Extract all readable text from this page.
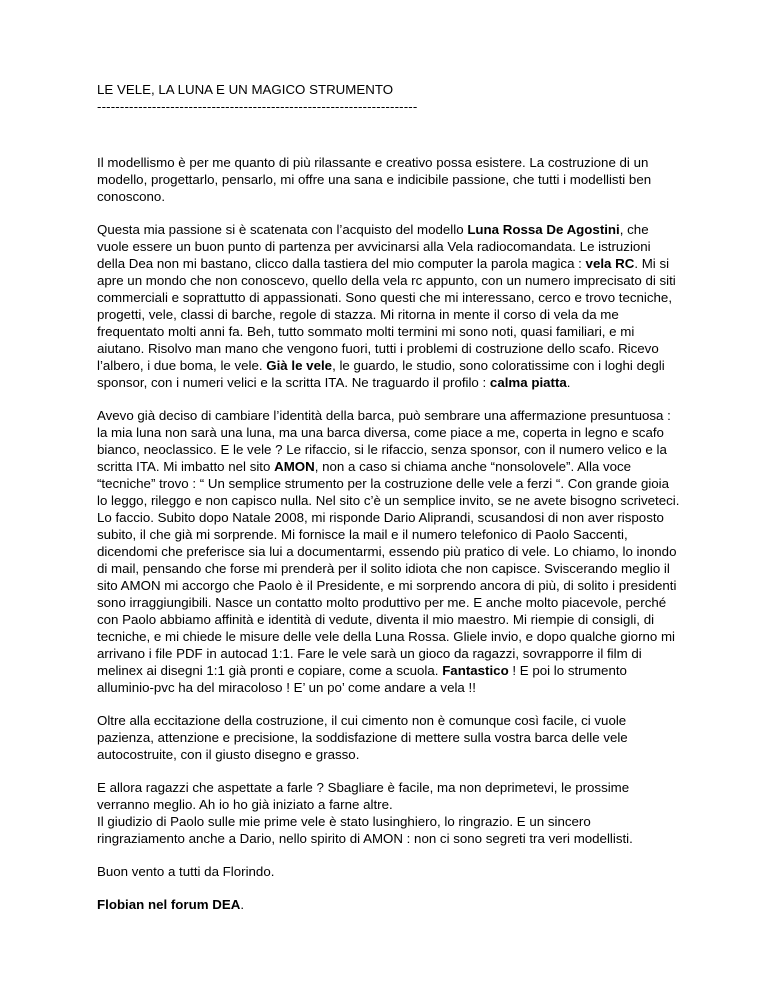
LE VELE, LA LUNA E UN MAGICO STRUMENTO
----------------------------------------------------------------------

Il modellismo è per me quanto di più rilassante e creativo possa esistere. La costruzione di un
modello, progettarlo, pensarlo, mi offre una sana e indicibile passione, che tutti i modellisti ben
conoscono.

Questa mia passione si è scatenata con l’acquisto del modello Luna Rossa De Agostini, che
vuole essere un buon punto di partenza per avvicinarsi alla Vela radiocomandata. Le istruzioni
della Dea non mi bastano, clicco dalla tastiera del mio computer la parola magica : vela RC. Mi si
apre un mondo che non conoscevo, quello della vela rc appunto, con un numero imprecisato di siti
commerciali e soprattutto di appassionati. Sono questi che mi interessano, cerco e trovo tecniche,
progetti, vele, classi di barche, regole di stazza. Mi ritorna in mente il corso di vela da me
frequentato molti anni fa. Beh, tutto sommato molti termini mi sono noti, quasi familiari, e mi
aiutano. Risolvo man mano che vengono fuori, tutti i problemi di costruzione dello scafo. Ricevo
l’albero, i due boma, le vele. Già le vele, le guardo, le studio, sono coloratissime con i loghi degli
sponsor, con i numeri velici e la scritta ITA. Ne traguardo il profilo : calma piatta.

Avevo già deciso di cambiare l’identità della barca, può sembrare una affermazione presuntuosa :
la mia luna non sarà una luna, ma una barca diversa, come piace a me, coperta in legno e scafo
bianco, neoclassico. E le vele ? Le rifaccio, si le rifaccio, senza sponsor, con il numero velico e la
scritta ITA. Mi imbatto nel sito AMON, non a caso si chiama anche “nonsolovele”. Alla voce
“tecniche” trovo : “ Un semplice strumento per la costruzione delle vele a ferzi “. Con grande gioia
lo leggo, rileggo e non capisco nulla. Nel sito c’è un semplice invito, se ne avete bisogno scriveteci.
Lo faccio. Subito dopo Natale 2008, mi risponde Dario Aliprandi, scusandosi di non aver risposto
subito, il che già mi sorprende. Mi fornisce la mail e il numero telefonico di Paolo Saccenti,
dicendomi che preferisce sia lui a documentarmi, essendo più pratico di vele. Lo chiamo, lo inondo
di mail, pensando che forse mi prenderà per il solito idiota che non capisce. Sviscerando meglio il
sito AMON mi accorgo che Paolo è il Presidente, e mi sorprendo ancora di più, di solito i presidenti
sono irraggiungibili. Nasce un contatto molto produttivo per me. E anche molto piacevole, perché
con Paolo abbiamo affinità e identità di vedute, diventa il mio maestro. Mi riempie di consigli, di
tecniche, e mi chiede le misure delle vele della Luna Rossa. Gliele invio, e dopo qualche giorno mi
arrivano i file PDF in autocad 1:1. Fare le vele sarà un gioco da ragazzi, sovrapporre il film di
melinex ai disegni 1:1 già pronti e copiare, come a scuola. Fantastico ! E poi lo strumento
alluminio-pvc ha del miracoloso ! E’ un po’ come andare a vela !!

Oltre alla eccitazione della costruzione, il cui cimento non è comunque così facile, ci vuole
pazienza, attenzione e precisione, la soddisfazione di mettere sulla vostra barca delle vele
autocostruite, con il giusto disegno e grasso.

E allora ragazzi che aspettate a farle ? Sbagliare è facile, ma non deprimetevi, le prossime
verranno meglio. Ah io ho già iniziato a farne altre.
Il giudizio di Paolo sulle mie prime vele è stato lusinghiero, lo ringrazio. E un sincero
ringraziamento anche a Dario, nello spirito di AMON : non ci sono segreti tra veri modellisti.

Buon vento a tutti da Florindo.

Flobian nel forum DEA.
